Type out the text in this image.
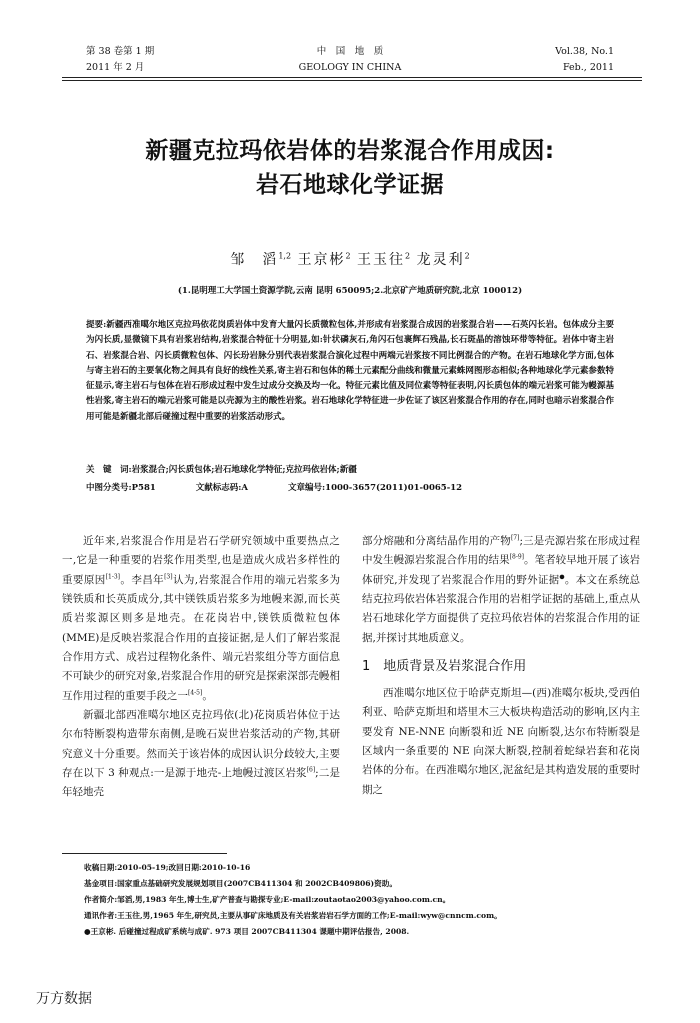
第 38 卷第 1 期
2011 年 2 月
中　国　地　质
GEOLOGY IN CHINA
Vol.38, No.1
Feb., 2011
新疆克拉玛依岩体的岩浆混合作用成因:
岩石地球化学证据
邹　滔$^{1,2}$ 王京彬$^2$ 王玉往$^2$ 龙灵利$^2$
(1.昆明理工大学国土资源学院,云南 昆明 650095;2.北京矿产地质研究院,北京 100012)
提要:新疆西准噶尔地区克拉玛依花岗质岩体中发育大量闪长质微粒包体,并形成有岩浆混合成因的岩浆混合岩——石英闪长岩。包体成分主要为闪长质,显微镜下具有岩浆岩结构,岩浆混合特征十分明显,如:针状磷灰石,角闪石包裹辉石残晶,长石斑晶的溶蚀环带等特征。岩体中寄主岩石、岩浆混合岩、闪长质微粒包体、闪长玢岩脉分别代表岩浆混合演化过程中两端元岩浆按不同比例混合的产物。在岩石地球化学方面,包体与寄主岩石的主要氧化物之间具有良好的线性关系,寄主岩石和包体的稀土元素配分曲线和微量元素蛛网图形态相似;各种地球化学元素参数特征显示,寄主岩石与包体在岩石形成过程中发生过成分交换及均一化。特征元素比值及同位素等特征表明,闪长质包体的端元岩浆可能为幔源基性岩浆,寄主岩石的端元岩浆可能是以壳源为主的酸性岩浆。岩石地球化学特征进一步佐证了该区岩浆混合作用的存在,同时也暗示岩浆混合作用可能是新疆北部后碰撞过程中重要的岩浆活动形式。
关　键　词:岩浆混合;闪长质包体;岩石地球化学特征;克拉玛依岩体;新疆
中图分类号:P581	文献标志码:A	文章编号:1000-3657(2011)01-0065-12

近年来,岩浆混合作用是岩石学研究领域中重要热点之一,它是一种重要的岩浆作用类型,也是造成火成岩多样性的重要原因[1-3]。李昌年[3]认为,岩浆混合作用的端元岩浆多为镁铁质和长英质成分,其中镁铁质岩浆多为地幔来源,而长英质岩浆源区则多是地壳。在花岗岩中,镁铁质微粒包体(MME)是反映岩浆混合作用的直接证据,是人们了解岩浆混合作用方式、成岩过程物化条件、端元岩浆组分等方面信息不可缺少的研究对象,岩浆混合作用的研究是探索深部壳幔相互作用过程的重要手段之一[4-5]。

新疆北部西准噶尔地区克拉玛依(北)花岗质岩体位于达尔布特断裂构造带东南侧,是晚石炭世岩浆活动的产物,其研究意义十分重要。然而关于该岩体的成因认识分歧较大,主要存在以下 3 种观点:一是源于地壳-上地幔过渡区岩浆[6];二是年轻地壳

部分熔融和分离结晶作用的产物[7];三是壳源岩浆在形成过程中发生幔源岩浆混合作用的结果[8-9]。笔者较早地开展了该岩体研究,并发现了岩浆混合作用的野外证据●。本文在系统总结克拉玛依岩体岩浆混合作用的岩相学证据的基础上,重点从岩石地球化学方面提供了克拉玛依岩体的岩浆混合作用的证据,并探讨其地质意义。

1　地质背景及岩浆混合作用

西准噶尔地区位于哈萨克斯坦—(西)准噶尔板块,受西伯利亚、哈萨克斯坦和塔里木三大板块构造活动的影响,区内主要发育 NE-NNE 向断裂和近 NE 向断裂,达尔布特断裂是区域内一条重要的 NE 向深大断裂,控制着蛇绿岩套和花岗岩体的分布。在西准噶尔地区,泥盆纪是其构造发展的重要时期之

收稿日期:2010-05-19;改回日期:2010-10-16
基金项目:国家重点基础研究发展规划项目(2007CB411304 和 2002CB409806)资助。
作者简介:邹滔,男,1983 年生,博士生,矿产普查与勘探专业;E-mail:zoutaotao2003@yahoo.com.cn。
通讯作者:王玉往,男,1965 年生,研究员,主要从事矿床地质及有关岩浆岩岩石学方面的工作;E-mail:wyw@cnncm.com。
●王京彬. 后碰撞过程成矿系统与成矿. 973 项目 2007CB411304 课题中期评估报告, 2008.
万方数据
